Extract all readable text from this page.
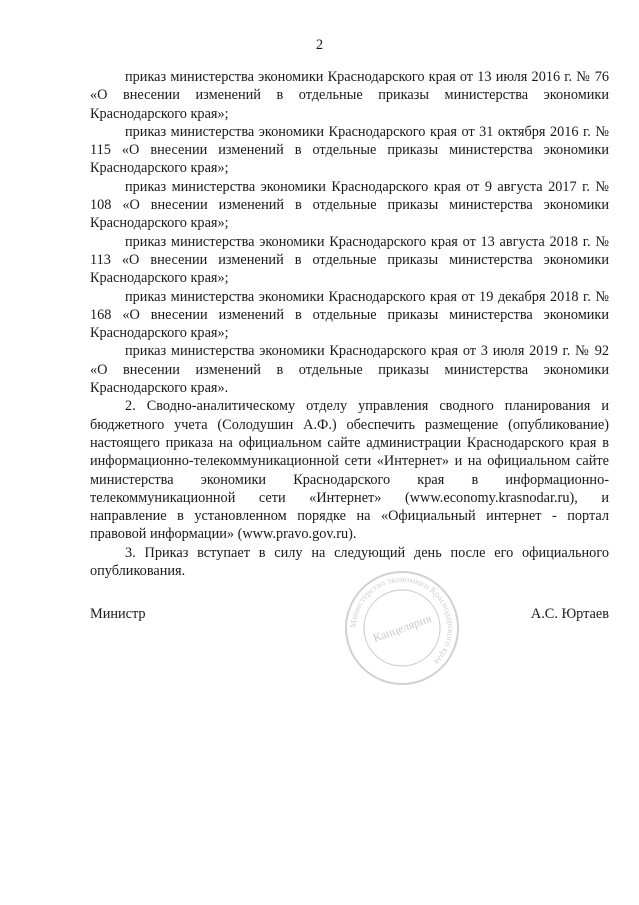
2

приказ министерства экономики Краснодарского края от 13 июля 2016 г. № 76 «О внесении изменений в отдельные приказы министерства экономики Краснодарского края»;

приказ министерства экономики Краснодарского края от 31 октября 2016 г. № 115 «О внесении изменений в отдельные приказы министерства экономики Краснодарского края»;

приказ министерства экономики Краснодарского края от 9 августа 2017 г. № 108 «О внесении изменений в отдельные приказы министерства экономики Краснодарского края»;

приказ министерства экономики Краснодарского края от 13 августа 2018 г. № 113 «О внесении изменений в отдельные приказы министерства экономики Краснодарского края»;

приказ министерства экономики Краснодарского края от 19 декабря 2018 г. № 168 «О внесении изменений в отдельные приказы министерства экономики Краснодарского края»;

приказ министерства экономики Краснодарского края от 3 июля 2019 г. № 92 «О внесении изменений в отдельные приказы министерства экономики Краснодарского края».

2. Сводно-аналитическому отделу управления сводного планирования и бюджетного учета (Солодушин А.Ф.) обеспечить размещение (опубликование) настоящего приказа на официальном сайте администрации Краснодарского края в информационно-телекоммуникационной сети «Интернет» и на официальном сайте министерства экономики Краснодарского края в информационно-телекоммуникационной сети «Интернет» (www.economy.krasnodar.ru), и направление в установленном порядке на «Официальный интернет - портал правовой информации» (www.pravo.gov.ru).

3. Приказ вступает в силу на следующий день после его официального опубликования.

Министр	А.С. Юртаев
Министерство экономики Краснодарского края
Канцелярия
